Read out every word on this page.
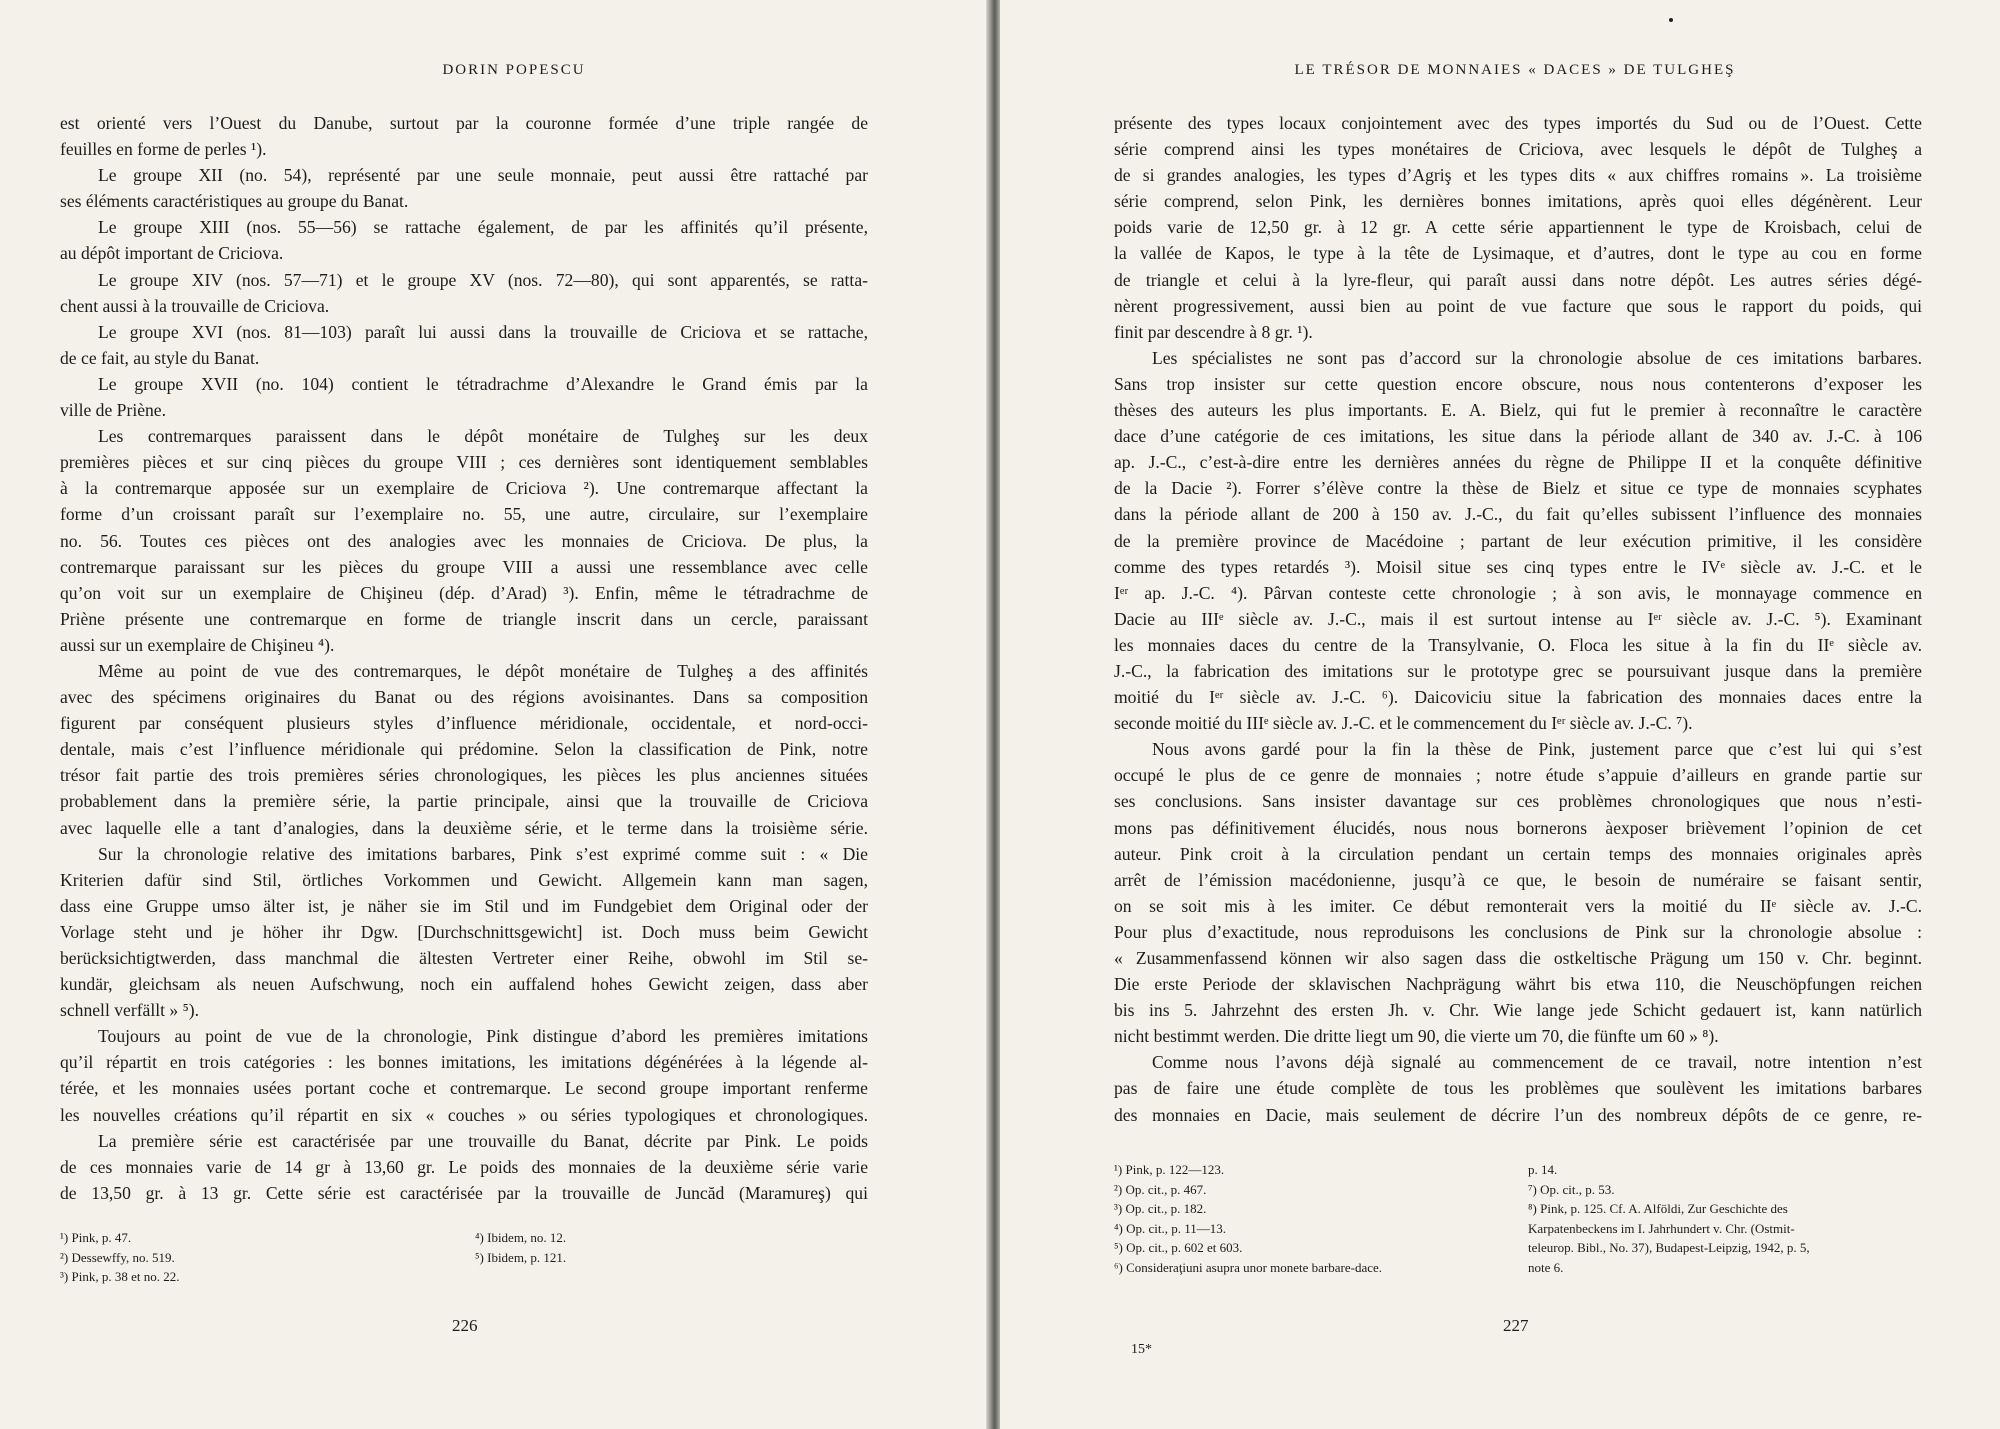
DORIN POPESCU
est orienté vers l’Ouest du Danube, surtout par la couronne formée d’une triple rangée de
feuilles en forme de perles ¹).
Le groupe XII (no. 54), représenté par une seule monnaie, peut aussi être rattaché par
ses éléments caractéristiques au groupe du Banat.
Le groupe XIII (nos. 55—56) se rattache également, de par les affinités qu’il présente,
au dépôt important de Criciova.
Le groupe XIV (nos. 57—71) et le groupe XV (nos. 72—80), qui sont apparentés, se ratta-
chent aussi à la trouvaille de Criciova.
Le groupe XVI (nos. 81—103) paraît lui aussi dans la trouvaille de Criciova et se rattache,
de ce fait, au style du Banat.
Le groupe XVII (no. 104) contient le tétradrachme d’Alexandre le Grand émis par la
ville de Priène.
Les contremarques paraissent dans le dépôt monétaire de Tulgheş sur les deux
premières pièces et sur cinq pièces du groupe VIII ; ces dernières sont identiquement semblables
à la contremarque apposée sur un exemplaire de Criciova ²). Une contremarque affectant la
forme d’un croissant paraît sur l’exemplaire no. 55, une autre, circulaire, sur l’exemplaire
no. 56. Toutes ces pièces ont des analogies avec les monnaies de Criciova. De plus, la
contremarque paraissant sur les pièces du groupe VIII a aussi une ressemblance avec celle
qu’on voit sur un exemplaire de Chişineu (dép. d’Arad) ³). Enfin, même le tétradrachme de
Priène présente une contremarque en forme de triangle inscrit dans un cercle, paraissant
aussi sur un exemplaire de Chişineu ⁴).
Même au point de vue des contremarques, le dépôt monétaire de Tulgheş a des affinités
avec des spécimens originaires du Banat ou des régions avoisinantes. Dans sa composition
figurent par conséquent plusieurs styles d’influence méridionale, occidentale, et nord-occi-
dentale, mais c’est l’influence méridionale qui prédomine. Selon la classification de Pink, notre
trésor fait partie des trois premières séries chronologiques, les pièces les plus anciennes situées
probablement dans la première série, la partie principale, ainsi que la trouvaille de Criciova
avec laquelle elle a tant d’analogies, dans la deuxième série, et le terme dans la troisième série.
Sur la chronologie relative des imitations barbares, Pink s’est exprimé comme suit : « Die
Kriterien dafür sind Stil, örtliches Vorkommen und Gewicht. Allgemein kann man sagen,
dass eine Gruppe umso älter ist, je näher sie im Stil und im Fundgebiet dem Original oder der
Vorlage steht und je höher ihr Dgw. [Durchschnittsgewicht] ist. Doch muss beim Gewicht
berücksichtigtwerden, dass manchmal die ältesten Vertreter einer Reihe, obwohl im Stil se-
kundär, gleichsam als neuen Aufschwung, noch ein auffalend hohes Gewicht zeigen, dass aber
schnell verfällt » ⁵).
Toujours au point de vue de la chronologie, Pink distingue d’abord les premières imitations
qu’il répartit en trois catégories : les bonnes imitations, les imitations dégénérées à la légende al-
térée, et les monnaies usées portant coche et contremarque. Le second groupe important renferme
les nouvelles créations qu’il répartit en six « couches » ou séries typologiques et chronologiques.
La première série est caractérisée par une trouvaille du Banat, décrite par Pink. Le poids
de ces monnaies varie de 14 gr à 13,60 gr. Le poids des monnaies de la deuxième série varie
de 13,50 gr. à 13 gr. Cette série est caractérisée par la trouvaille de Juncăd (Maramureş) qui
¹) Pink, p. 47.
²) Dessewffy, no. 519.
³) Pink, p. 38 et no. 22.
⁴) Ibidem, no. 12.
⁵) Ibidem, p. 121.
226
LE TRÉSOR DE MONNAIES « DACES » DE TULGHEŞ
présente des types locaux conjointement avec des types importés du Sud ou de l’Ouest. Cette
série comprend ainsi les types monétaires de Criciova, avec lesquels le dépôt de Tulgheş a
de si grandes analogies, les types d’Agriş et les types dits « aux chiffres romains ». La troisième
série comprend, selon Pink, les dernières bonnes imitations, après quoi elles dégénèrent. Leur
poids varie de 12,50 gr. à 12 gr. A cette série appartiennent le type de Kroisbach, celui de
la vallée de Kapos, le type à la tête de Lysimaque, et d’autres, dont le type au cou en forme
de triangle et celui à la lyre-fleur, qui paraît aussi dans notre dépôt. Les autres séries dégé-
nèrent progressivement, aussi bien au point de vue facture que sous le rapport du poids, qui
finit par descendre à 8 gr. ¹).
Les spécialistes ne sont pas d’accord sur la chronologie absolue de ces imitations barbares.
Sans trop insister sur cette question encore obscure, nous nous contenterons d’exposer les
thèses des auteurs les plus importants. E. A. Bielz, qui fut le premier à reconnaître le caractère
dace d’une catégorie de ces imitations, les situe dans la période allant de 340 av. J.-C. à 106
ap. J.-C., c’est-à-dire entre les dernières années du règne de Philippe II et la conquête définitive
de la Dacie ²). Forrer s’élève contre la thèse de Bielz et situe ce type de monnaies scyphates
dans la période allant de 200 à 150 av. J.-C., du fait qu’elles subissent l’influence des monnaies
de la première province de Macédoine ; partant de leur exécution primitive, il les considère
comme des types retardés ³). Moisil situe ses cinq types entre le IVᵉ siècle av. J.-C. et le
Iᵉʳ ap. J.-C. ⁴). Pârvan conteste cette chronologie ; à son avis, le monnayage commence en
Dacie au IIIᵉ siècle av. J.-C., mais il est surtout intense au Iᵉʳ siècle av. J.-C. ⁵). Examinant
les monnaies daces du centre de la Transylvanie, O. Floca les situe à la fin du IIᵉ siècle av.
J.-C., la fabrication des imitations sur le prototype grec se poursuivant jusque dans la première
moitié du Iᵉʳ siècle av. J.-C. ⁶). Daicoviciu situe la fabrication des monnaies daces entre la
seconde moitié du IIIᵉ siècle av. J.-C. et le commencement du Iᵉʳ siècle av. J.-C. ⁷).
Nous avons gardé pour la fin la thèse de Pink, justement parce que c’est lui qui s’est
occupé le plus de ce genre de monnaies ; notre étude s’appuie d’ailleurs en grande partie sur
ses conclusions. Sans insister davantage sur ces problèmes chronologiques que nous n’esti-
mons pas définitivement élucidés, nous nous bornerons àexposer brièvement l’opinion de cet
auteur. Pink croit à la circulation pendant un certain temps des monnaies originales après
arrêt de l’émission macédonienne, jusqu’à ce que, le besoin de numéraire se faisant sentir,
on se soit mis à les imiter. Ce début remonterait vers la moitié du IIᵉ siècle av. J.-C.
Pour plus d’exactitude, nous reproduisons les conclusions de Pink sur la chronologie absolue :
« Zusammenfassend können wir also sagen dass die ostkeltische Prägung um 150 v. Chr. beginnt.
Die erste Periode der sklavischen Nachprägung währt bis etwa 110, die Neuschöpfungen reichen
bis ins 5. Jahrzehnt des ersten Jh. v. Chr. Wie lange jede Schicht gedauert ist, kann natürlich
nicht bestimmt werden. Die dritte liegt um 90, die vierte um 70, die fünfte um 60 » ⁸).
Comme nous l’avons déjà signalé au commencement de ce travail, notre intention n’est
pas de faire une étude complète de tous les problèmes que soulèvent les imitations barbares
des monnaies en Dacie, mais seulement de décrire l’un des nombreux dépôts de ce genre, re-
¹) Pink, p. 122—123.
²) Op. cit., p. 467.
³) Op. cit., p. 182.
⁴) Op. cit., p. 11—13.
⁵) Op. cit., p. 602 et 603.
⁶) Consideraţiuni asupra unor monete barbare-dace.
p. 14.
⁷) Op. cit., p. 53.
⁸) Pink, p. 125. Cf. A. Alföldi, Zur Geschichte des
Karpatenbeckens im I. Jahrhundert v. Chr. (Ostmit-
teleurop. Bibl., No. 37), Budapest-Leipzig, 1942, p. 5,
note 6.
227
15*
